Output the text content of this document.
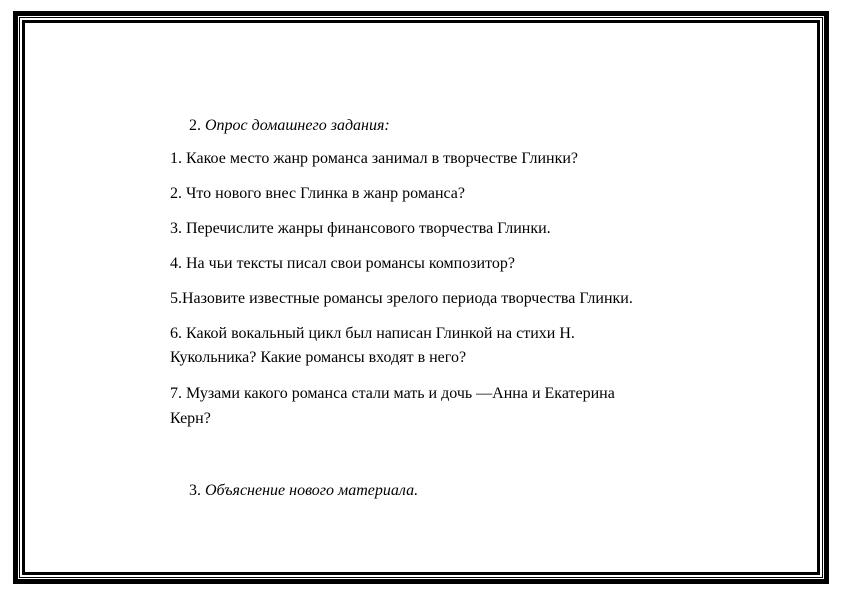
2. Опрос домашнего задания:
1. Какое место жанр романса занимал в творчестве Глинки?
2. Что нового внес Глинка в жанр романса?
3. Перечислите жанры финансового творчества Глинки.
4. На чьи тексты писал свои романсы композитор?
5.Назовите известные романсы зрелого периода творчества Глинки.
6. Какой вокальный цикл был написан Глинкой на стихи Н.
Кукольника? Какие романсы входят в него?
7. Музами какого романса стали мать и дочь —Анна и Екатерина
Керн?
3. Объяснение нового материала.
